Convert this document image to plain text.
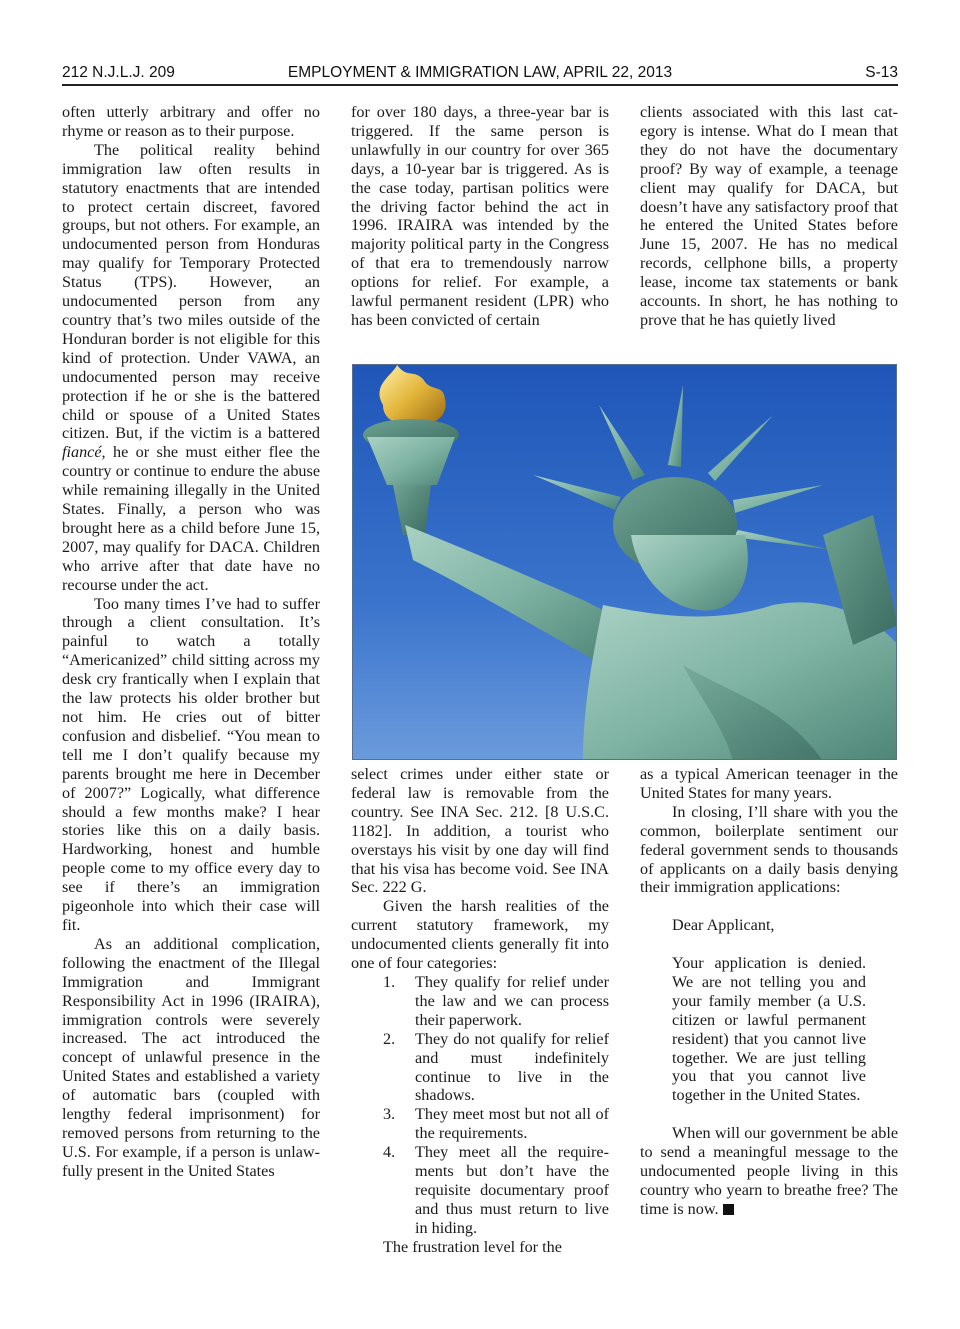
212 N.J.L.J. 209	EMPLOYMENT & IMMIGRATION LAW, APRIL 22, 2013	S-13

often utterly arbitrary and offer no rhyme or reason as to their purpose.

The political reality behind immigration law often results in statutory enactments that are intended to protect certain discreet, favored groups, but not others. For example, an undocumented person from Honduras may qualify for Temporary Protected Status (TPS). However, an undocumented person from any country that’s two miles outside of the Honduran border is not eligible for this kind of protection. Under VAWA, an undocumented person may receive protection if he or she is the battered child or spouse of a United States citizen. But, if the victim is a battered fiancé, he or she must either flee the country or continue to endure the abuse while remaining illegally in the United States. Finally, a person who was brought here as a child before June 15, 2007, may qualify for DACA. Children who arrive after that date have no recourse under the act.

Too many times I’ve had to suffer through a client consultation. It’s painful to watch a totally “Americanized” child sitting across my desk cry frantically when I explain that the law protects his older brother but not him. He cries out of bitter confusion and disbelief. “You mean to tell me I don’t qualify because my parents brought me here in December of 2007?” Logically, what difference should a few months make? I hear stories like this on a daily basis. Hardworking, honest and humble people come to my office every day to see if there’s an immigration pigeonhole into which their case will fit.

As an additional complication, following the enactment of the Illegal Immigration and Immigrant Responsibility Act in 1996 (IRAIRA), immigration controls were severely increased. The act introduced the concept of unlawful presence in the United States and established a variety of automatic bars (coupled with lengthy federal imprisonment) for removed persons from returning to the U.S. For example, if a person is unlawfully present in the United States

for over 180 days, a three-year bar is triggered. If the same person is unlawfully in our country for over 365 days, a 10-year bar is triggered. As is the case today, partisan politics were the driving factor behind the act in 1996. IRAIRA was intended by the majority political party in the Congress of that era to tremendously narrow options for relief. For example, a lawful permanent resident (LPR) who has been convicted of certain

clients associated with this last category is intense. What do I mean that they do not have the documentary proof? By way of example, a teenage client may qualify for DACA, but doesn’t have any satisfactory proof that he entered the United States before June 15, 2007. He has no medical records, cellphone bills, a property lease, income tax statements or bank accounts. In short, he has nothing to prove that he has quietly lived

select crimes under either state or federal law is removable from the country. See INA Sec. 212. [8 U.S.C. 1182]. In addition, a tourist who overstays his visit by one day will find that his visa has become void. See INA Sec. 222 G.

Given the harsh realities of the current statutory framework, my undocumented clients generally fit into one of four categories:

1. They qualify for relief under the law and we can process their paperwork.
2. They do not qualify for relief and must indefinitely continue to live in the shadows.
3. They meet most but not all of the requirements.
4. They meet all the requirements but don’t have the requisite documentary proof and thus must return to live in hiding.

The frustration level for the

as a typical American teenager in the United States for many years.

In closing, I’ll share with you the common, boilerplate sentiment our federal government sends to thousands of applicants on a daily basis denying their immigration applications:

Dear Applicant,

Your application is denied. We are not telling you and your family member (a U.S. citizen or lawful permanent resident) that you cannot live together. We are just telling you that you cannot live together in the United States.

When will our government be able to send a meaningful message to the undocumented people living in this country who yearn to breathe free? The time is now.
